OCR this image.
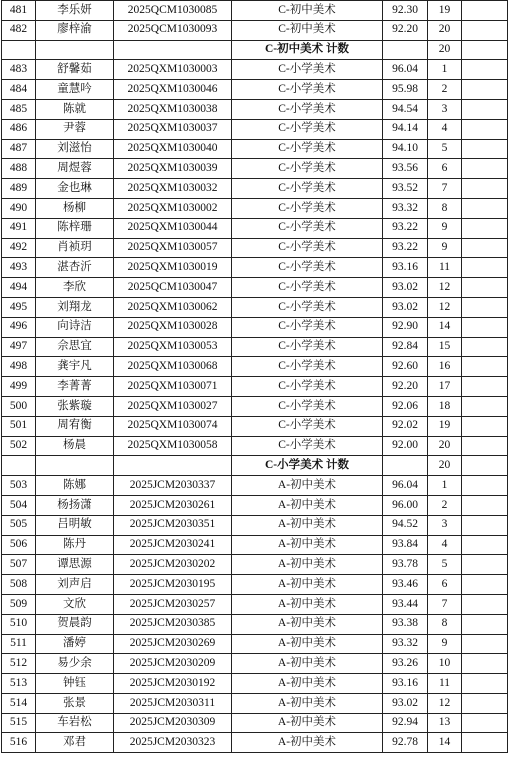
481	李乐妍	2025QCM1030085	C-初中美术	92.30	19	
482	廖梓渝	2025QCM1030093	C-初中美术	92.20	20	
			C-初中美术 计数		20	
483	舒馨茹	2025QXM1030003	C-小学美术	96.04	1	
484	童慧吟	2025QXM1030046	C-小学美术	95.98	2	
485	陈就	2025QXM1030038	C-小学美术	94.54	3	
486	尹蓉	2025QXM1030037	C-小学美术	94.14	4	
487	刘滋怡	2025QXM1030040	C-小学美术	94.10	5	
488	周煜蓉	2025QXM1030039	C-小学美术	93.56	6	
489	金也琳	2025QXM1030032	C-小学美术	93.52	7	
490	杨柳	2025QXM1030002	C-小学美术	93.32	8	
491	陈梓珊	2025QXM1030044	C-小学美术	93.22	9	
492	肖祯玥	2025QXM1030057	C-小学美术	93.22	9	
493	湛杏沂	2025QXM1030019	C-小学美术	93.16	11	
494	李欣	2025QCM1030047	C-小学美术	93.02	12	
495	刘翔龙	2025QXM1030062	C-小学美术	93.02	12	
496	向诗洁	2025QXM1030028	C-小学美术	92.90	14	
497	佘思宜	2025QXM1030053	C-小学美术	92.84	15	
498	龚宇凡	2025QXM1030068	C-小学美术	92.60	16	
499	李菁菁	2025QXM1030071	C-小学美术	92.20	17	
500	张紫璇	2025QXM1030027	C-小学美术	92.06	18	
501	周宥衡	2025QXM1030074	C-小学美术	92.02	19	
502	杨晨	2025QXM1030058	C-小学美术	92.00	20	
			C-小学美术 计数		20	
503	陈娜	2025JCM2030337	A-初中美术	96.04	1	
504	杨扬潇	2025JCM2030261	A-初中美术	96.00	2	
505	吕明敏	2025JCM2030351	A-初中美术	94.52	3	
506	陈丹	2025JCM2030241	A-初中美术	93.84	4	
507	谭思源	2025JCM2030202	A-初中美术	93.78	5	
508	刘声启	2025JCM2030195	A-初中美术	93.46	6	
509	文欣	2025JCM2030257	A-初中美术	93.44	7	
510	贺晨韵	2025JCM2030385	A-初中美术	93.38	8	
511	潘婷	2025JCM2030269	A-初中美术	93.32	9	
512	易少余	2025JCM2030209	A-初中美术	93.26	10	
513	钟钰	2025JCM2030192	A-初中美术	93.16	11	
514	张景	2025JCM2030311	A-初中美术	93.02	12	
515	车岩松	2025JCM2030309	A-初中美术	92.94	13	
516	邓君	2025JCM2030323	A-初中美术	92.78	14	
